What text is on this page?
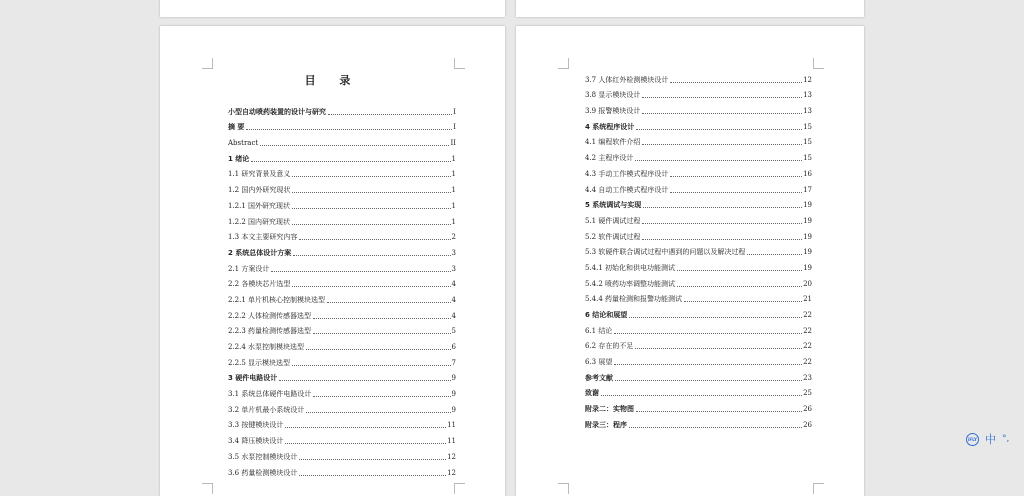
目 录
小型自动喷药装置的设计与研究	I
摘 要	I
Abstract	II
1 绪论	1
1.1 研究背景及意义	1
1.2 国内外研究现状	1
1.2.1 国外研究现状	1
1.2.2 国内研究现状	1
1.3 本文主要研究内容	2
2 系统总体设计方案	3
2.1 方案设计	3
2.2 各模块芯片选型	4
2.2.1 单片机核心控制模块选型	4
2.2.2 人体检测传感器选型	4
2.2.3 药量检测传感器选型	5
2.2.4 水泵控制模块选型	6
2.2.5 显示模块选型	7
3 硬件电路设计	9
3.1 系统总体硬件电路设计	9
3.2 单片机最小系统设计	9
3.3 按键模块设计	11
3.4 降压模块设计	11
3.5 水泵控制模块设计	12
3.6 药量检测模块设计	12
3.7 人体红外检测模块设计	12
3.8 显示模块设计	13
3.9 报警模块设计	13
4 系统程序设计	15
4.1 编程软件介绍	15
4.2 主程序设计	15
4.3 手动工作模式程序设计	16
4.4 自动工作模式程序设计	17
5 系统调试与实现	19
5.1 硬件调试过程	19
5.2 软件调试过程	19
5.3 软硬件联合调试过程中遇到的问题以及解决过程	19
5.4.1 初始化和供电功能测试	19
5.4.2 喷药功率调整功能测试	20
5.4.4 药量检测和报警功能测试	21
6 结论和展望	22
6.1 结论	22
6.2 存在的不足	22
6.3 展望	22
参考文献	23
致谢	25
附录二：实物图	26
附录三：程序	26
iFLY 中 °,
